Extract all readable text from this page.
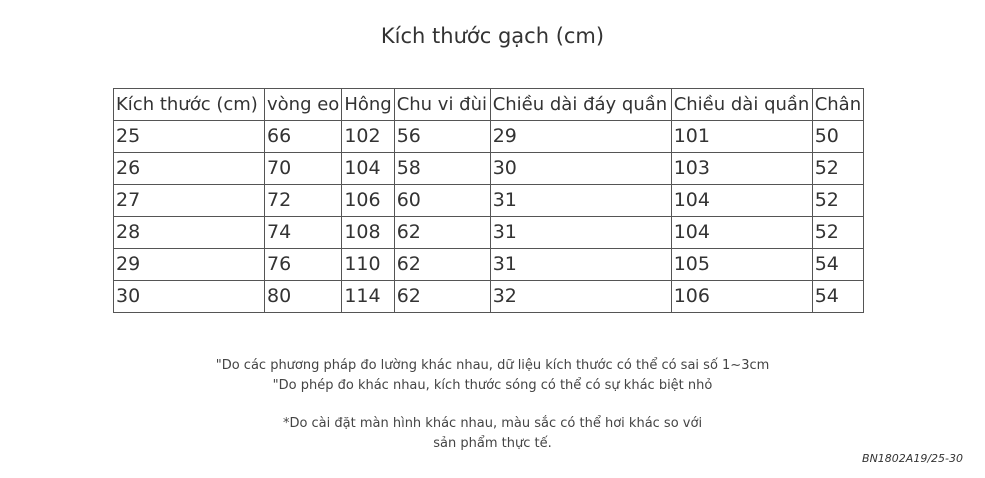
Kích thước gạch (cm)
Kích thước (cm)	vòng eo	Hông	Chu vi đùi	Chiều dài đáy quần	Chiều dài quần	Chân
25	66	102	56	29	101	50
26	70	104	58	30	103	52
27	72	106	60	31	104	52
28	74	108	62	31	104	52
29	76	110	62	31	105	54
30	80	114	62	32	106	54
"Do các phương pháp đo lường khác nhau, dữ liệu kích thước có thể có sai số 1~3cm
"Do phép đo khác nhau, kích thước sóng có thể có sự khác biệt nhỏ
*Do cài đặt màn hình khác nhau, màu sắc có thể hơi khác so với
sản phẩm thực tế.
BN1802A19/25-30
